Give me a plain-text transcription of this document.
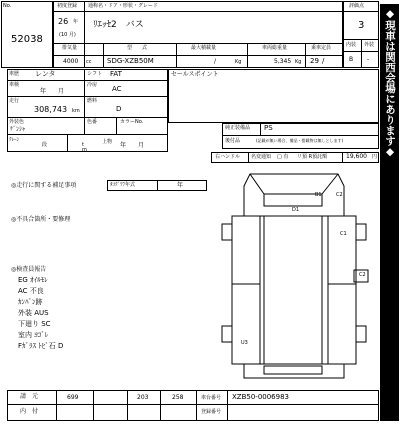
No.
52038
初度登録 通称名・ドア・形状・グレード
26 年
(10 月)
ﾘｴｯｾ2　バス
排気量
4000 cc
型　　式
SDG-XZB50M
最大積載量
/	Kg
車両総重量
5,345 Kg
乗車定員
29 /
評価点
3
内装 外装
B -
車歴 レンタ	シフト FAT
車検
年　　月
冷房 AC
走行
308,743 km
燃料
D
外装色
ｹﾞﾝｼｬ
色番	カラーNo.
ｸﾚｰﾝ
段	t
m
上物 年　　月
セールスポイント
純正装備品 PS
後付品	(記載が無い場合、備品・搭載物は無しとします)
右ハンドル 名変通知 □ 有 リ預 R預託額	19,600 円
◎走行に関する補足事項	ﾀｺｸﾞﾗﾌ年式	年
◎不具合箇所・要修理
◎検査員報告
EG ｵｲﾙﾓﾚ
AC 不良
ｶﾝﾊﾞﾝ跡
外装 AUS
下廻り SC
室内 ﾖｺﾞﾚ
Fｶﾞﾗｽ ﾄﾋﾞ石 D
B1	C2
D1
C1
C2
U3
請　元	699	203	258	車台番号 XZB50-0006983
内　付	登録番号
◆現車は関西会場にあります◆
